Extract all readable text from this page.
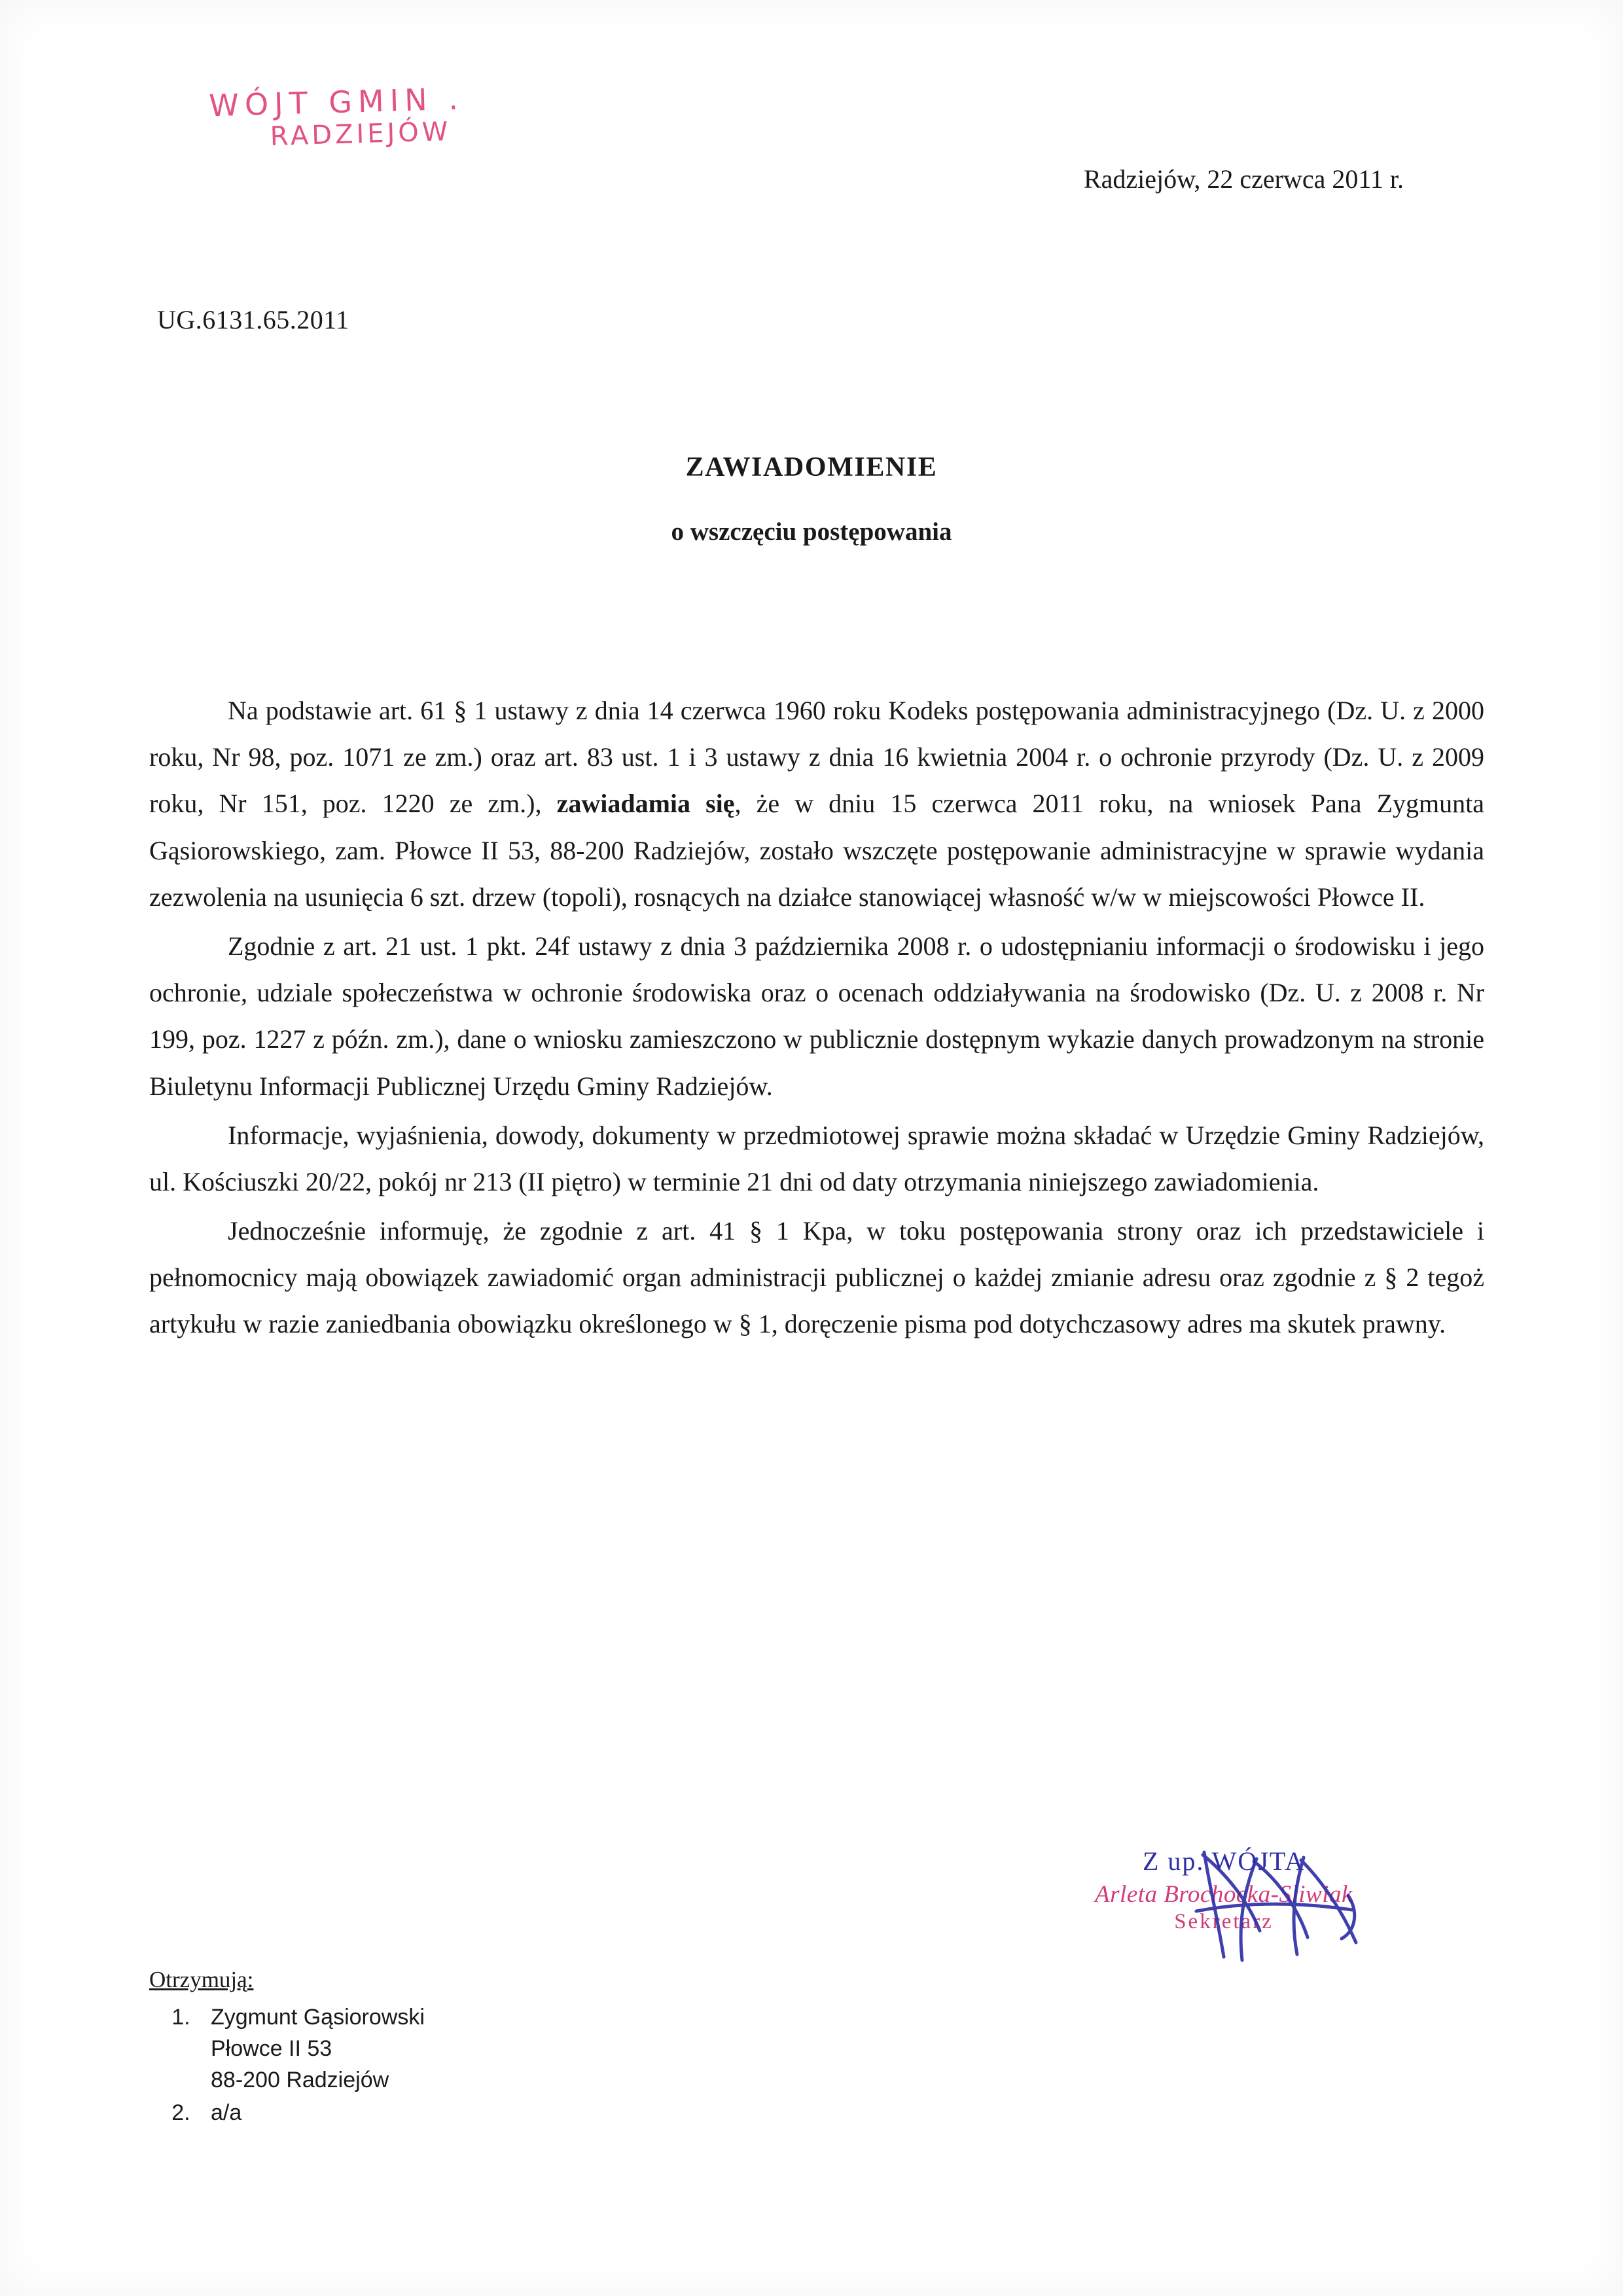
WÓJT GMIN .
RADZIEJÓW
Radziejów, 22 czerwca 2011 r.
UG.6131.65.2011
ZAWIADOMIENIE
o wszczęciu postępowania

Na podstawie art. 61 § 1 ustawy z dnia 14 czerwca 1960 roku Kodeks postępowania administracyjnego (Dz. U. z 2000 roku, Nr 98, poz. 1071 ze zm.) oraz art. 83 ust. 1 i 3 ustawy z dnia 16 kwietnia 2004 r. o ochronie przyrody (Dz. U. z 2009 roku, Nr 151, poz. 1220 ze zm.), zawiadamia się, że w dniu 15 czerwca 2011 roku, na wniosek Pana Zygmunta Gąsiorowskiego, zam. Płowce II 53, 88-200 Radziejów, zostało wszczęte postępowanie administracyjne w sprawie wydania zezwolenia na usunięcia 6 szt. drzew (topoli), rosnących na działce stanowiącej własność w/w w miejscowości Płowce II.

Zgodnie z art. 21 ust. 1 pkt. 24f ustawy z dnia 3 października 2008 r. o udostępnianiu informacji o środowisku i jego ochronie, udziale społeczeństwa w ochronie środowiska oraz o ocenach oddziaływania na środowisko (Dz. U. z 2008 r. Nr 199, poz. 1227 z późn. zm.), dane o wniosku zamieszczono w publicznie dostępnym wykazie danych prowadzonym na stronie Biuletynu Informacji Publicznej Urzędu Gminy Radziejów.

Informacje, wyjaśnienia, dowody, dokumenty w przedmiotowej sprawie można składać w Urzędzie Gminy Radziejów, ul. Kościuszki 20/22, pokój nr 213 (II piętro) w terminie 21 dni od daty otrzymania niniejszego zawiadomienia.

Jednocześnie informuję, że zgodnie z art. 41 § 1 Kpa, w toku postępowania strony oraz ich przedstawiciele i pełnomocnicy mają obowiązek zawiadomić organ administracji publicznej o każdej zmianie adresu oraz zgodnie z § 2 tegoż artykułu w razie zaniedbania obowiązku określonego w § 1, doręczenie pisma pod dotychczasowy adres ma skutek prawny.

Z up. WÓJTA
Arleta Brochocka-Sliwiak
Sekretarz
Otrzymują:
1. Zygmunt Gąsiorowski
Płowce II 53
88-200 Radziejów
2. a/a
